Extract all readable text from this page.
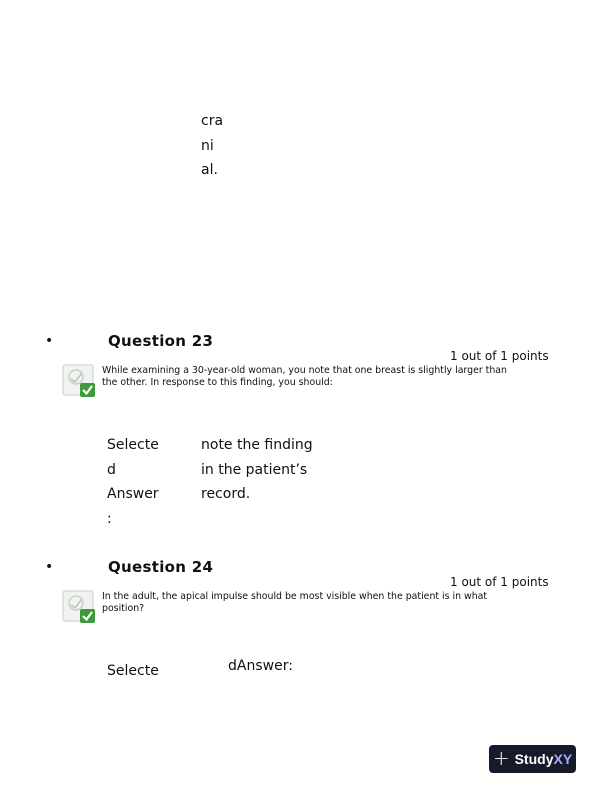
cra
ni
al.
•	Question 23
1 out of 1 points
While examining a 30-year-old woman, you note that one breast is slightly larger than the other. In response to this finding, you should:
Selecte
d
Answer
:
note the finding
in the patient’s
record.
•	Question 24
1 out of 1 points
In the adult, the apical impulse should be most visible when the patient is in what position?
Selecte	dAnswer:
+ StudyXY
